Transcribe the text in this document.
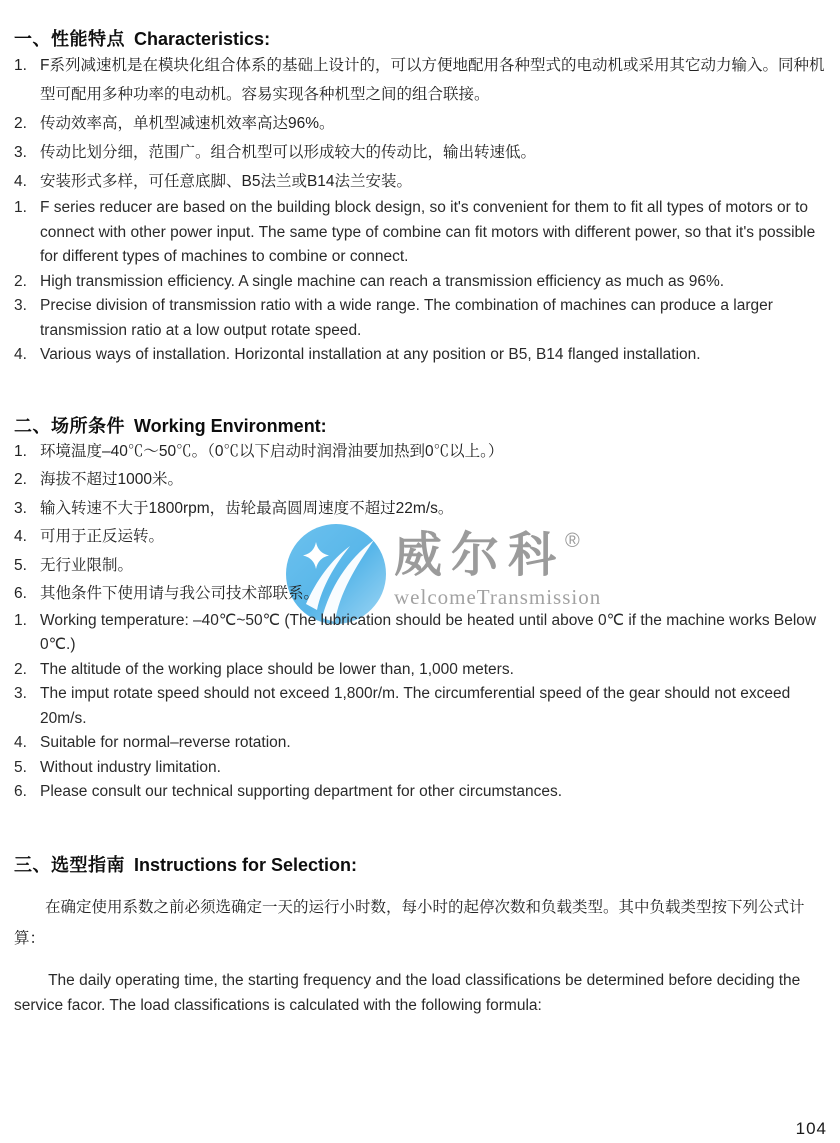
威尔科®
welcomeTransmission
一、性能特点 Characteristics:
1. F系列减速机是在模块化组合体系的基础上设计的，可以方便地配用各种型式的电动机或采用其它动力输入。同种机型可配用多种功率的电动机。容易实现各种机型之间的组合联接。
2. 传动效率高，单机型减速机效率高达96%。
3. 传动比划分细，范围广。组合机型可以形成较大的传动比，输出转速低。
4. 安装形式多样，可任意底脚、B5法兰或B14法兰安装。
1. F series reducer are based on the building block design, so it's convenient for them to fit all types of motors or to connect with other power input. The same type of combine can fit motors with different power, so that it's possible for different types of machines to combine or connect.
2. High transmission efficiency. A single machine can reach a transmission efficiency as much as 96%.
3. Precise division of transmission ratio with a wide range. The combination of machines can produce a larger transmission ratio at a low output rotate speed.
4. Various ways of installation. Horizontal installation at any position or B5, B14 flanged installation.
二、场所条件 Working Environment:
1. 环境温度–40℃～50℃。（0℃以下启动时润滑油要加热到0℃以上。）
2. 海拔不超过1000米。
3. 输入转速不大于1800rpm，齿轮最高圆周速度不超过22m/s。
4. 可用于正反运转。
5. 无行业限制。
6. 其他条件下使用请与我公司技术部联系。
1. Working temperature: –40℃~50℃ (The lubrication should be heated until above 0℃ if the machine works Below 0℃.)
2. The altitude of the working place should be lower than, 1,000 meters.
3. The imput rotate speed should not exceed 1,800r/m. The circumferential speed of the gear should not exceed 20m/s.
4. Suitable for normal–reverse rotation.
5. Without industry limitation.
6. Please consult our technical supporting department for other circumstances.
三、选型指南 Instructions for Selection:

在确定使用系数之前必须选确定一天的运行小时数，每小时的起停次数和负载类型。其中负载类型按下列公式计算：

The daily operating time, the starting frequency and the load classifications be determined before deciding the service facor. The load classifications is calculated with the following formula:

104
